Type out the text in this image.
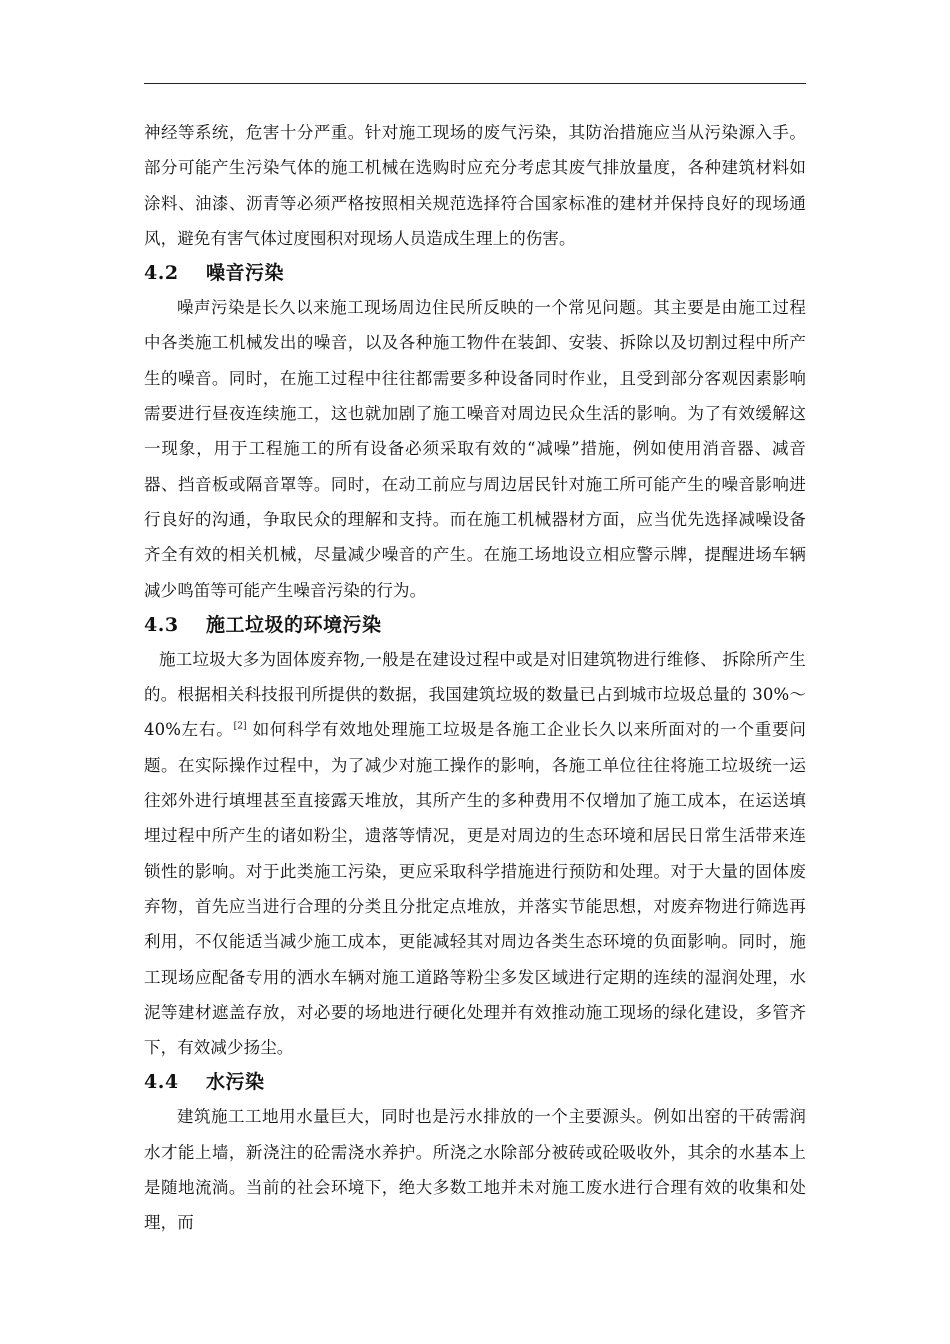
神经等系统，危害十分严重。针对施工现场的废气污染，其防治措施应当从污染源入手。部分可能产生污染气体的施工机械在选购时应充分考虑其废气排放量度，各种建筑材料如涂料、油漆、沥青等必须严格按照相关规范选择符合国家标准的建材并保持良好的现场通风，避免有害气体过度囤积对现场人员造成生理上的伤害。

4.2	噪音污染

噪声污染是长久以来施工现场周边住民所反映的一个常见问题。其主要是由施工过程中各类施工机械发出的噪音，以及各种施工物件在装卸、安装、拆除以及切割过程中所产生的噪音。同时，在施工过程中往往都需要多种设备同时作业，且受到部分客观因素影响需要进行昼夜连续施工，这也就加剧了施工噪音对周边民众生活的影响。为了有效缓解这一现象，用于工程施工的所有设备必须采取有效的“减噪”措施，例如使用消音器、减音器、挡音板或隔音罩等。同时，在动工前应与周边居民针对施工所可能产生的噪音影响进行良好的沟通，争取民众的理解和支持。而在施工机械器材方面，应当优先选择减噪设备齐全有效的相关机械，尽量减少噪音的产生。在施工场地设立相应警示牌，提醒进场车辆减少鸣笛等可能产生噪音污染的行为。

4.3	施工垃圾的环境污染

施工垃圾大多为固体废弃物,一般是在建设过程中或是对旧建筑物进行维修、 拆除所产生的。根据相关科技报刊所提供的数据，我国建筑垃圾的数量已占到城市垃圾总量的 30%～40%左右。[2] 如何科学有效地处理施工垃圾是各施工企业长久以来所面对的一个重要问题。在实际操作过程中，为了减少对施工操作的影响，各施工单位往往将施工垃圾统一运往郊外进行填埋甚至直接露天堆放，其所产生的多种费用不仅增加了施工成本，在运送填埋过程中所产生的诸如粉尘，遗落等情况，更是对周边的生态环境和居民日常生活带来连锁性的影响。对于此类施工污染，更应采取科学措施进行预防和处理。对于大量的固体废弃物，首先应当进行合理的分类且分批定点堆放，并落实节能思想，对废弃物进行筛选再利用，不仅能适当减少施工成本，更能减轻其对周边各类生态环境的负面影响。同时，施工现场应配备专用的洒水车辆对施工道路等粉尘多发区域进行定期的连续的湿润处理，水泥等建材遮盖存放，对必要的场地进行硬化处理并有效推动施工现场的绿化建设，多管齐下，有效减少扬尘。

4.4	水污染

建筑施工工地用水量巨大，同时也是污水排放的一个主要源头。例如出窑的干砖需润水才能上墙，新浇注的砼需浇水养护。所浇之水除部分被砖或砼吸收外，其余的水基本上是随地流淌。当前的社会环境下，绝大多数工地并未对施工废水进行合理有效的收集和处理，而
